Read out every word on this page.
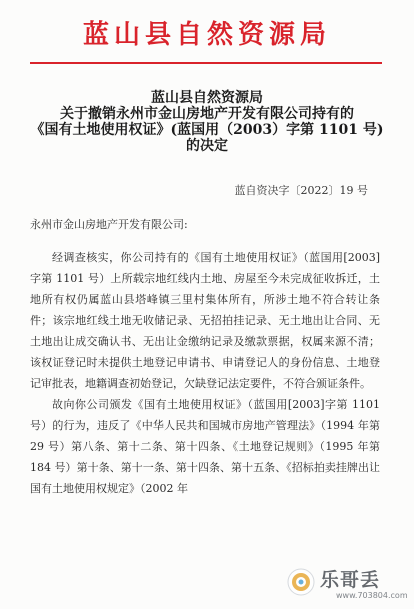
蓝山县自然资源局
蓝山县自然资源局
关于撤销永州市金山房地产开发有限公司持有的
《国有土地使用权证》(蓝国用（2003）字第 1101 号)
的决定
蓝自资决字〔2022〕19 号

永州市金山房地产开发有限公司:

经调查核实，你公司持有的《国有土地使用权证》（蓝国用[2003]字第 1101 号）上所载宗地红线内土地、房屋至今未完成征收拆迁，土地所有权仍属蓝山县塔峰镇三里村集体所有，所涉土地不符合转让条件；该宗地红线土地无收储记录、无招拍挂记录、无土地出让合同、无土地出让成交确认书、无出让金缴纳记录及缴款票据，权属来源不清；该权证登记时未提供土地登记申请书、申请登记人的身份信息、土地登记审批表，地籍调查初始登记，欠缺登记法定要件，不符合颁证条件。

故向你公司颁发《国有土地使用权证》（蓝国用[2003]字第 1101 号）的行为，违反了《中华人民共和国城市房地产管理法》（1994 年第 29 号）第八条、第十二条、第十四条、《土地登记规则》（1995 年第 184 号）第十条、第十一条、第十四条、第十五条、《招标拍卖挂牌出让国有土地使用权规定》（2002 年

乐哥丢
www.703804.com
